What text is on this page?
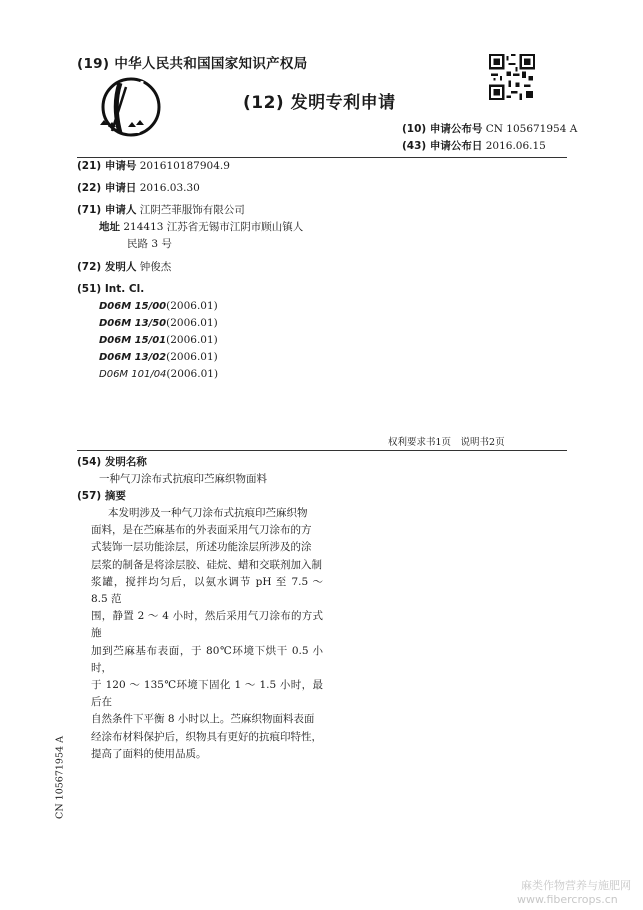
(19) 中华人民共和国国家知识产权局
(12) 发明专利申请
(10) 申请公布号 CN 105671954 A
(43) 申请公布日 2016.06.15
(21) 申请号 201610187904.9
(22) 申请日 2016.03.30
(71) 申请人 江阴苎菲服饰有限公司
地址 214413 江苏省无锡市江阴市顾山镇人
民路 3 号
(72) 发明人 钟俊杰
(51) Int. Cl.
D06M 15/00(2006.01)
D06M 13/50(2006.01)
D06M 15/01(2006.01)
D06M 13/02(2006.01)
D06M 101/04(2006.01)
权利要求书1页　说明书2页
(54) 发明名称
一种气刀涂布式抗痕印苎麻织物面料
(57) 摘要
本发明涉及一种气刀涂布式抗痕印苎麻织物
面料，是在苎麻基布的外表面采用气刀涂布的方
式装饰一层功能涂层，所述功能涂层所涉及的涂
层浆的制备是将涂层胶、硅烷、蜡和交联剂加入制
浆罐，搅拌均匀后，以氨水调节 pH 至 7.5 ～ 8.5 范
围，静置 2 ～ 4 小时，然后采用气刀涂布的方式施
加到苎麻基布表面，于 80℃环境下烘干 0.5 小时，
于 120 ～ 135℃环境下固化 1 ～ 1.5 小时，最后在
自然条件下平衡 8 小时以上。苎麻织物面料表面
经涂布材料保护后，织物具有更好的抗痕印特性，
提高了面料的使用品质。
CN 105671954 A
麻类作物营养与施肥网
www.fibercrops.cn
